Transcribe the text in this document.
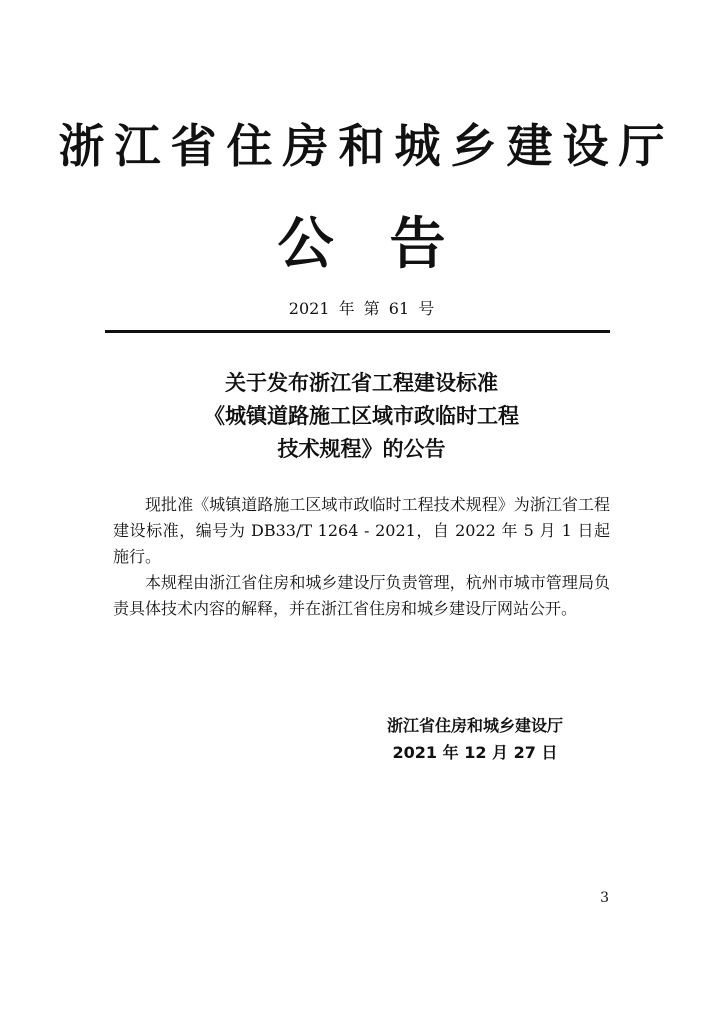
浙江省住房和城乡建设厅
公告
2021 年 第 61 号
关于发布浙江省工程建设标准
《城镇道路施工区域市政临时工程
技术规程》的公告

现批准《城镇道路施工区域市政临时工程技术规程》为浙江省工程建设标准，编号为 DB33/T 1264 - 2021，自 2022 年 5 月 1 日起施行。

本规程由浙江省住房和城乡建设厅负责管理，杭州市城市管理局负责具体技术内容的解释，并在浙江省住房和城乡建设厅网站公开。

浙江省住房和城乡建设厅
2021 年 12 月 27 日
3
